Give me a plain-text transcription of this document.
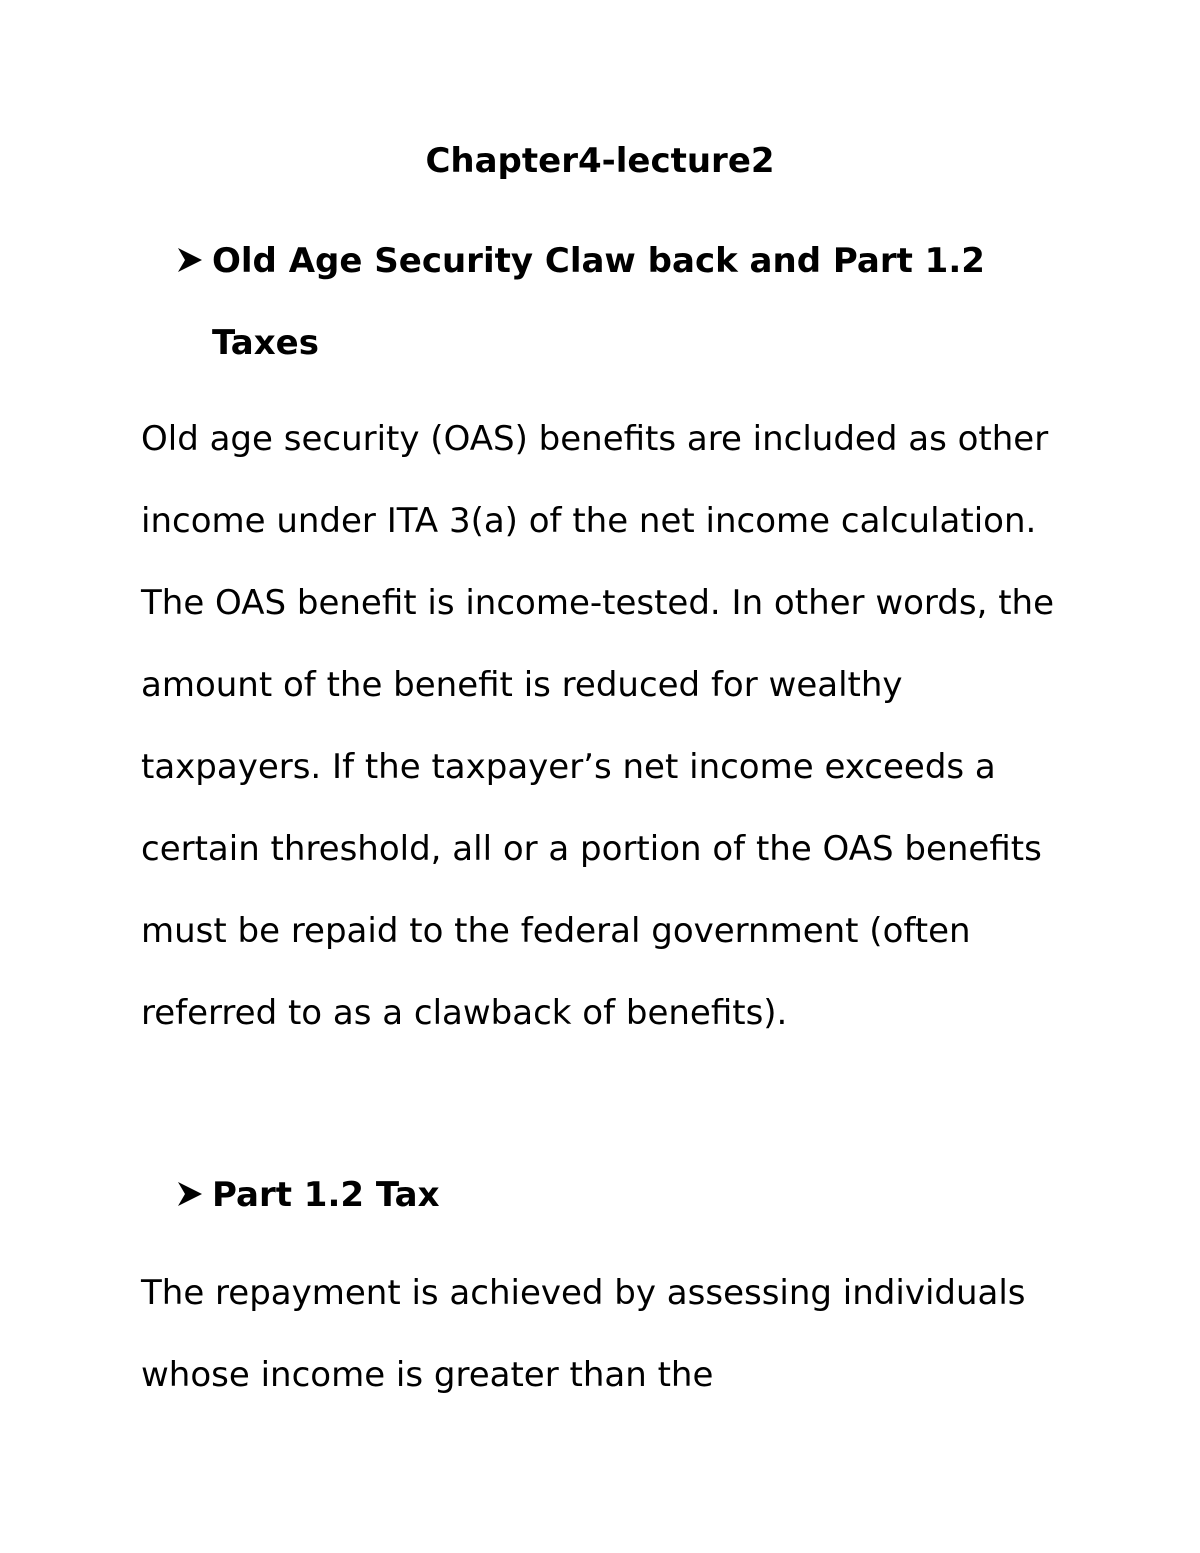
Chapter4-lecture2
Old Age Security Claw back and Part 1.2 Taxes

Old age security (OAS) benefits are included as other income under ITA 3(a) of the net income calculation. The OAS benefit is income-tested. In other words, the amount of the benefit is reduced for wealthy taxpayers. If the taxpayer’s net income exceeds a certain threshold, all or a portion of the OAS benefits must be repaid to the federal government (often referred to as a clawback of benefits).

Part 1.2 Tax

The repayment is achieved by assessing individuals whose income is greater than the
